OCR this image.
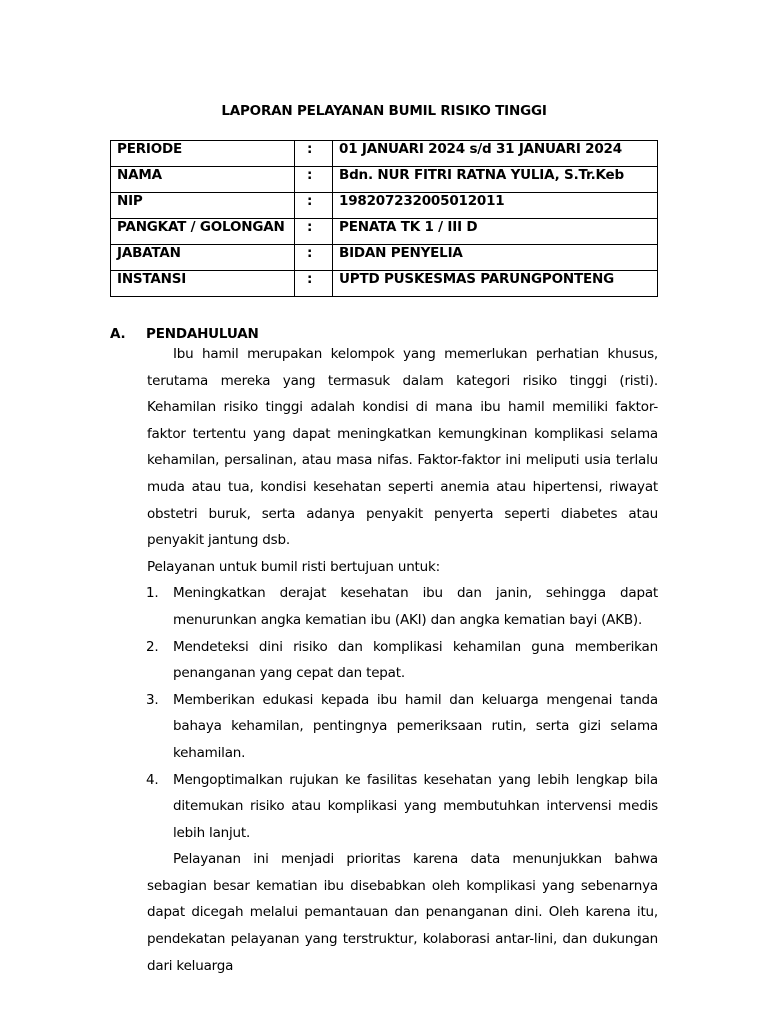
LAPORAN PELAYANAN BUMIL RISIKO TINGGI
PERIODE	:	01 JANUARI 2024 s/d 31 JANUARI 2024
NAMA	:	Bdn. NUR FITRI RATNA YULIA, S.Tr.Keb
NIP	:	198207232005012011
PANGKAT / GOLONGAN	:	PENATA TK 1 / III D
JABATAN	:	BIDAN PENYELIA
INSTANSI	:	UPTD PUSKESMAS PARUNGPONTENG
A. PENDAHULUAN

Ibu hamil merupakan kelompok yang memerlukan perhatian khusus, terutama mereka yang termasuk dalam kategori risiko tinggi (risti). Kehamilan risiko tinggi adalah kondisi di mana ibu hamil memiliki faktor-faktor tertentu yang dapat meningkatkan kemungkinan komplikasi selama kehamilan, persalinan, atau masa nifas. Faktor-faktor ini meliputi usia terlalu muda atau tua, kondisi kesehatan seperti anemia atau hipertensi, riwayat obstetri buruk, serta adanya penyakit penyerta seperti diabetes atau penyakit jantung dsb.

Pelayanan untuk bumil risti bertujuan untuk:

1. Meningkatkan derajat kesehatan ibu dan janin, sehingga dapat menurunkan angka kematian ibu (AKI) dan angka kematian bayi (AKB).
2. Mendeteksi dini risiko dan komplikasi kehamilan guna memberikan penanganan yang cepat dan tepat.
3. Memberikan edukasi kepada ibu hamil dan keluarga mengenai tanda bahaya kehamilan, pentingnya pemeriksaan rutin, serta gizi selama kehamilan.
4. Mengoptimalkan rujukan ke fasilitas kesehatan yang lebih lengkap bila ditemukan risiko atau komplikasi yang membutuhkan intervensi medis lebih lanjut.

Pelayanan ini menjadi prioritas karena data menunjukkan bahwa sebagian besar kematian ibu disebabkan oleh komplikasi yang sebenarnya dapat dicegah melalui pemantauan dan penanganan dini. Oleh karena itu, pendekatan pelayanan yang terstruktur, kolaborasi antar-lini, dan dukungan dari keluarga
